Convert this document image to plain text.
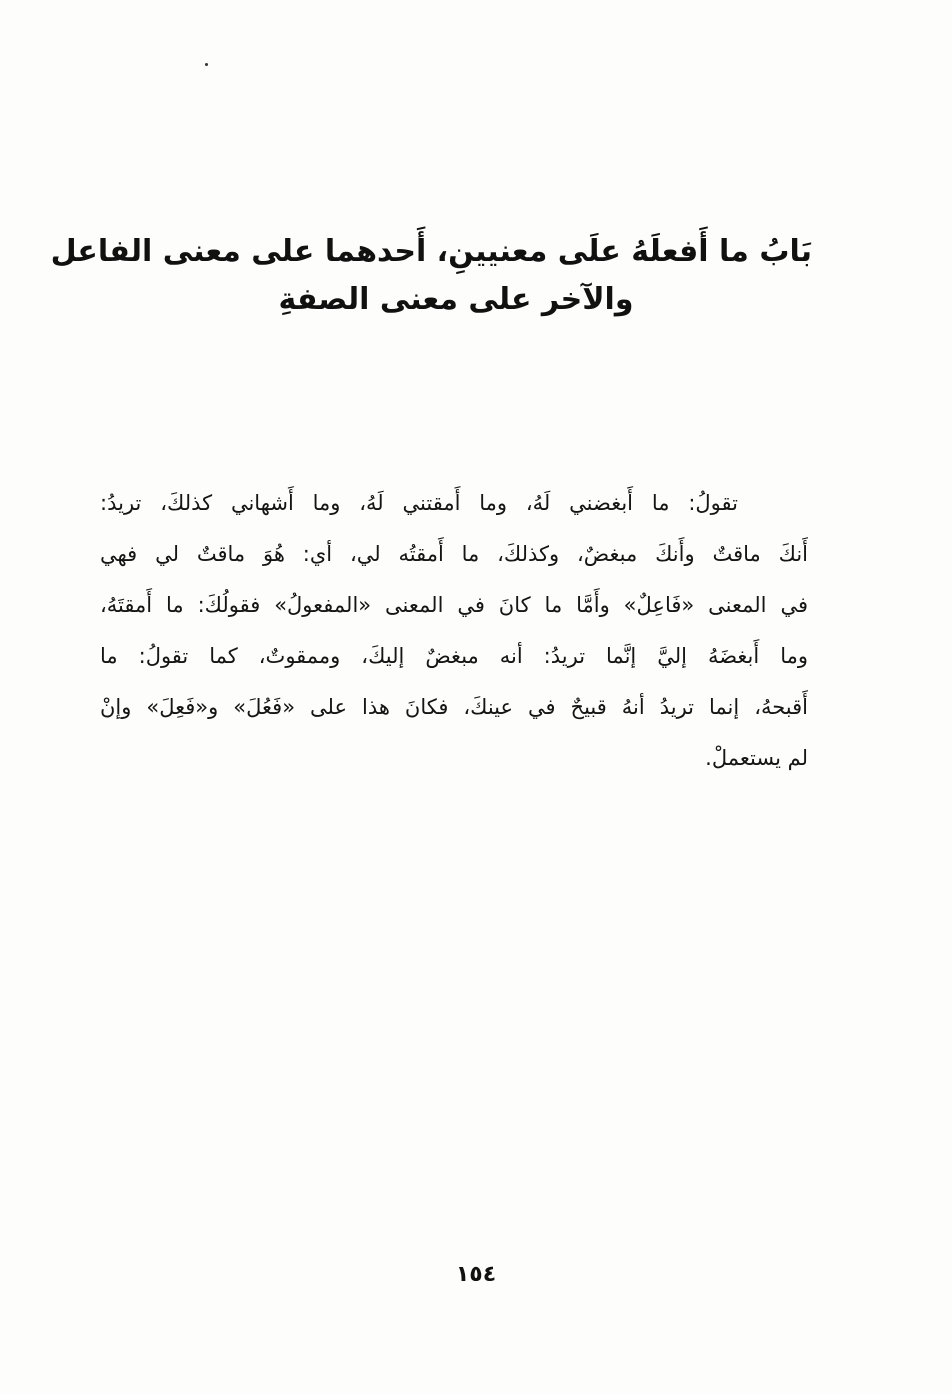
بَابُ ما أَفعلَهُ علَى معنيينِ، أَحدهما على معنى الفاعل
والآخر على معنى الصفةِ
تقولُ: ما أَبغضني لَهُ، وما أَمقتني لَهُ، وما أَشهاني كذلكَ، تريدُ:
أَنكَ ماقتٌ وأَنكَ مبغضٌ، وكذلكَ، ما أَمقتُه لي، أي: هُوَ ماقتٌ لي فهي
في المعنى «فَاعِلٌ» وأَمَّا ما كانَ في المعنى «المفعولُ» فقولُكَ: ما أَمقتَهُ،
وما أَبغضَهُ إليَّ إنَّما تريدُ: أنه مبغضٌ إليكَ، وممقوتٌ، كما تقولُ: ما
أَقبحهُ، إنما تريدُ أنهُ قبيحٌ في عينكَ، فكانَ هذا على «فَعُلَ» و«فَعِلَ» وإنْ
لم يستعملْ.
١٥٤
